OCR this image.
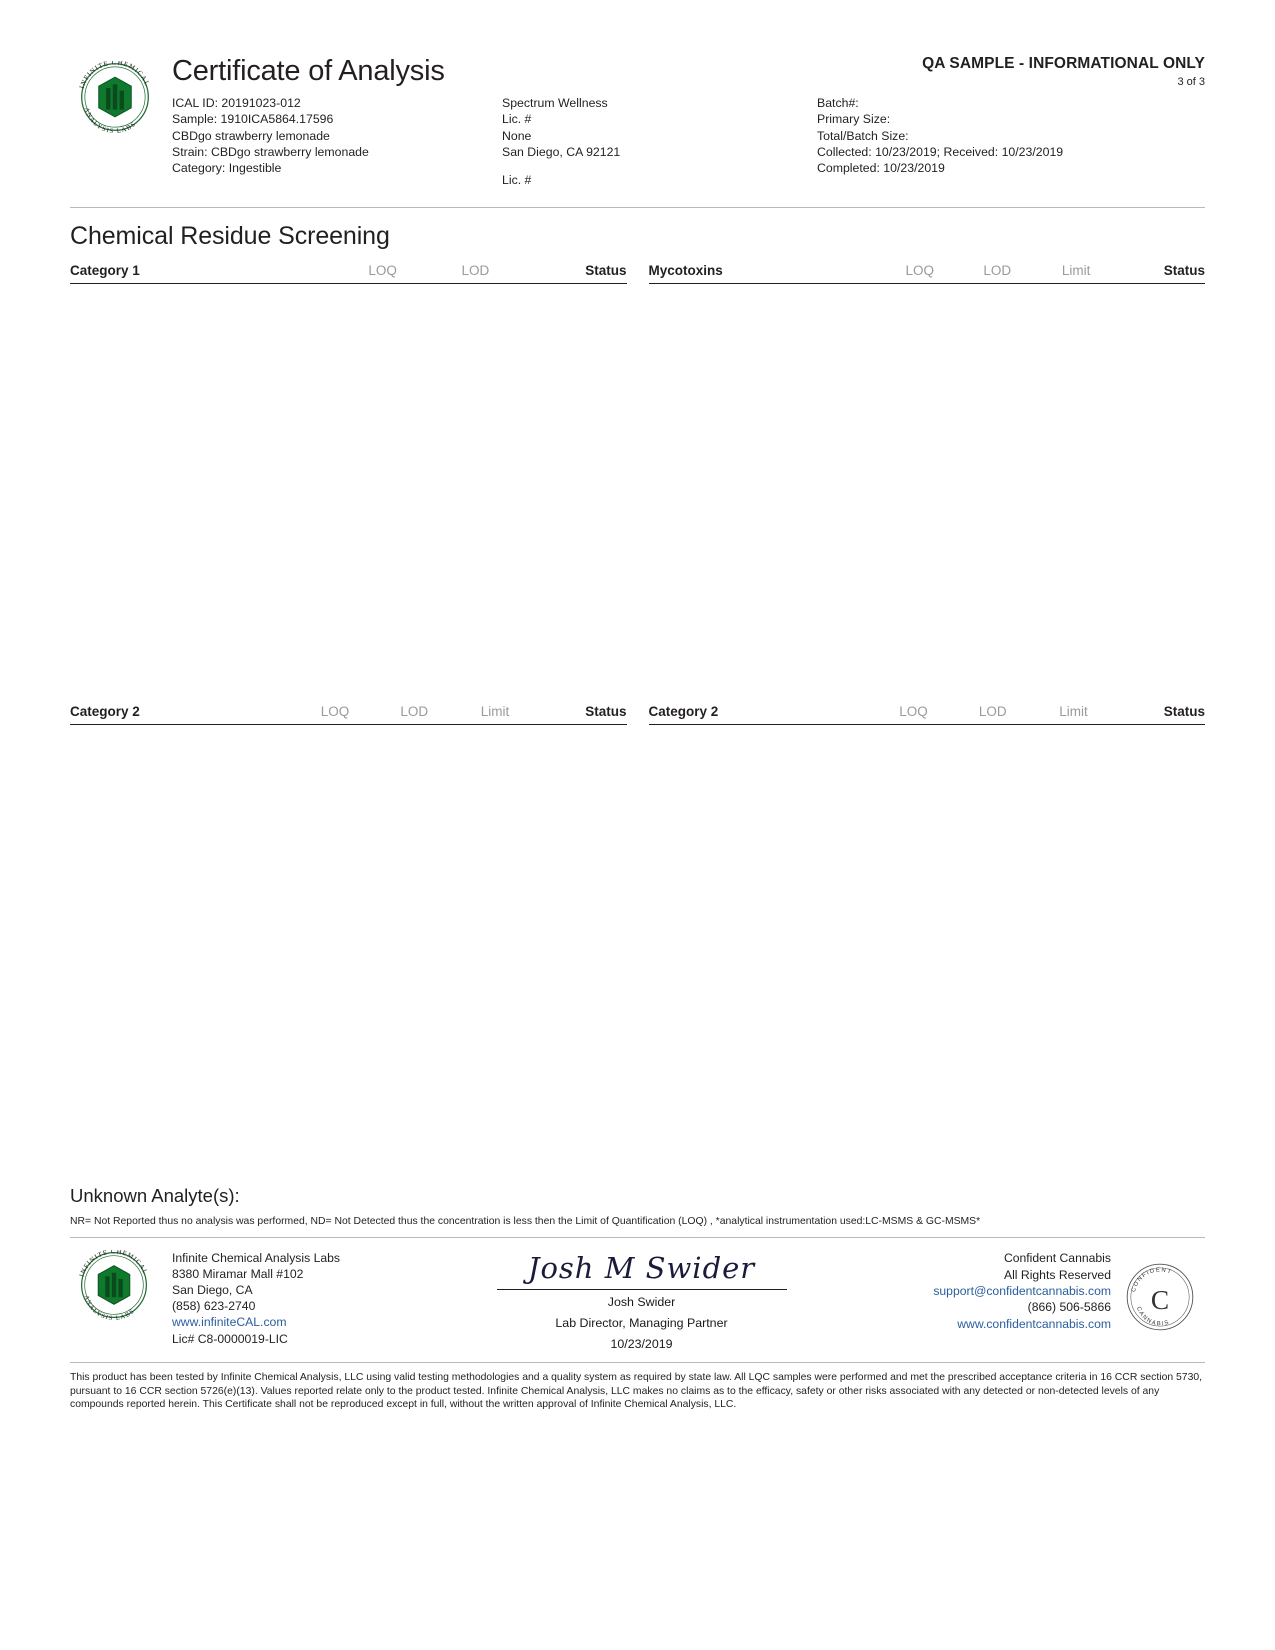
INFINITE CHEMICAL
ANALYSIS LABS
Certificate of Analysis	QA SAMPLE - INFORMATIONAL ONLY
3 of 3
ICAL ID: 20191023-012
Sample: 1910ICA5864.17596
CBDgo strawberry lemonade
Strain: CBDgo strawberry lemonade
Category: Ingestible
Spectrum Wellness
Lic. #
None
San Diego, CA 92121
Lic. #
Batch#:
Primary Size:
Total/Batch Size:
Collected: 10/23/2019; Received: 10/23/2019
Completed: 10/23/2019
Chemical Residue Screening
Category 1	LOQ	LOD	Status
Category 2	LOQ	LOD	Limit	Status
Mycotoxins	LOQ	LOD	Limit	Status
Category 2	LOQ	LOD	Limit	Status
Unknown Analyte(s):
NR= Not Reported thus no analysis was performed, ND= Not Detected thus the concentration is less then the Limit of Quantification (LOQ) , *analytical instrumentation used:LC-MSMS & GC-MSMS*
INFINITE CHEMICAL
ANALYSIS LABS
Infinite Chemical Analysis Labs
8380 Miramar Mall #102
San Diego, CA
(858) 623-2740
www.infiniteCAL.com
Lic# C8-0000019-LIC
Josh M Swider
Josh Swider
Lab Director, Managing Partner
10/23/2019
Confident Cannabis
All Rights Reserved
support@confidentcannabis.com
(866) 506-5866
www.confidentcannabis.com
C
CONFIDENT
CANNABIS
This product has been tested by Infinite Chemical Analysis, LLC using valid testing methodologies and a quality system as required by state law. All LQC samples were performed and met the prescribed acceptance criteria in 16 CCR section 5730, pursuant to 16 CCR section 5726(e)(13). Values reported relate only to the product tested. Infinite Chemical Analysis, LLC makes no claims as to the efficacy, safety or other risks associated with any detected or non-detected levels of any compounds reported herein. This Certificate shall not be reproduced except in full, without the written approval of Infinite Chemical Analysis, LLC.
